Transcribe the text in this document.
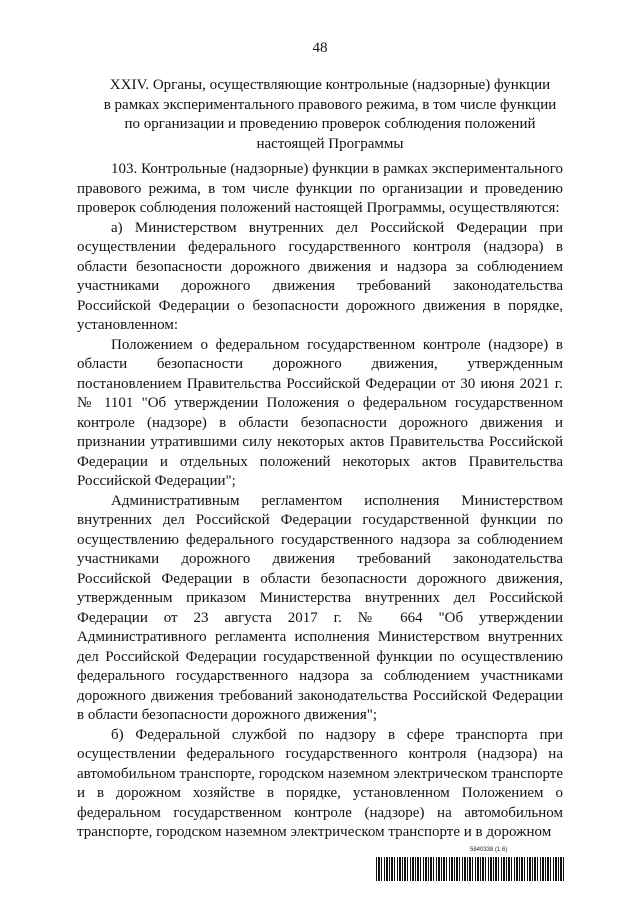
48
XXIV. Органы, осуществляющие контрольные (надзорные) функции
в рамках экспериментального правового режима, в том числе функции
по организации и проведению проверок соблюдения положений
настоящей Программы

103. Контрольные (надзорные) функции в рамках экспериментального правового режима, в том числе функции по организации и проведению проверок соблюдения положений настоящей Программы, осуществляются:

а) Министерством внутренних дел Российской Федерации при осуществлении федерального государственного контроля (надзора) в области безопасности дорожного движения и надзора за соблюдением участниками дорожного движения требований законодательства Российской Федерации о безопасности дорожного движения в порядке, установленном:

Положением о федеральном государственном контроле (надзоре) в области безопасности дорожного движения, утвержденным постановлением Правительства Российской Федерации от 30 июня 2021 г. № 1101 "Об утверждении Положения о федеральном государственном контроле (надзоре) в области безопасности дорожного движения и признании утратившими силу некоторых актов Правительства Российской Федерации и отдельных положений некоторых актов Правительства Российской Федерации";

Административным регламентом исполнения Министерством внутренних дел Российской Федерации государственной функции по осуществлению федерального государственного надзора за соблюдением участниками дорожного движения требований законодательства Российской Федерации в области безопасности дорожного движения, утвержденным приказом Министерства внутренних дел Российской Федерации от 23 августа 2017 г. № 664 "Об утверждении Административного регламента исполнения Министерством внутренних дел Российской Федерации государственной функции по осуществлению федерального государственного надзора за соблюдением участниками дорожного движения требований законодательства Российской Федерации в области безопасности дорожного движения";

б) Федеральной службой по надзору в сфере транспорта при осуществлении федерального государственного контроля (надзора) на автомобильном транспорте, городском наземном электрическом транспорте и в дорожном хозяйстве в порядке, установленном Положением о федеральном государственном контроле (надзоре) на автомобильном транспорте, городском наземном электрическом транспорте и в дорожном

5840338 (1.6)
